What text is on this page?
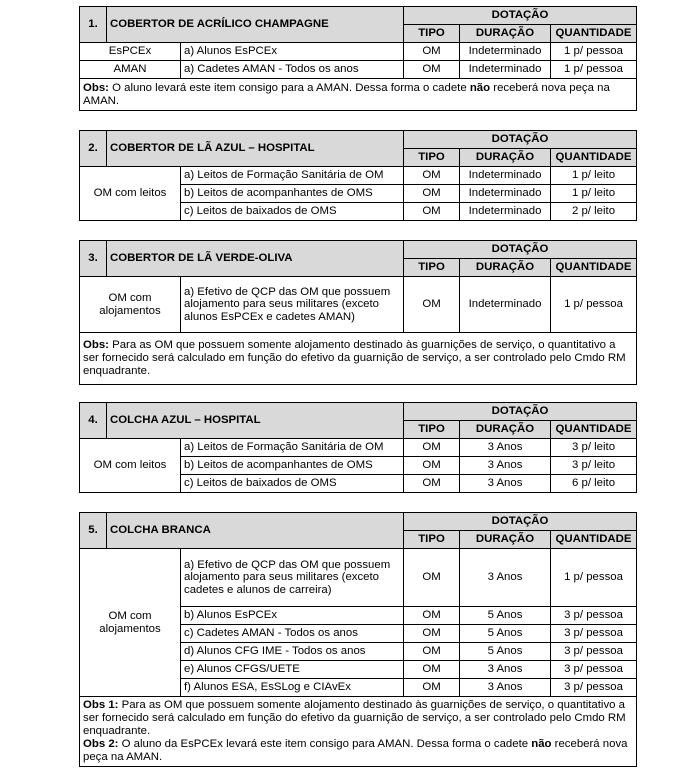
1.	COBERTOR DE ACRÍLICO CHAMPAGNE		DOTAÇÃO		
			TIPO	DURAÇÃO	QUANTIDADE
EsPCEx		a) Alunos EsPCEx	OM	Indeterminado	1 p/ pessoa
AMAN		a) Cadetes AMAN - Todos os anos	OM	Indeterminado	1 p/ pessoa
Obs: O aluno levará este item consigo para a AMAN. Dessa forma o cadete não receberá nova peça na AMAN.					
2.	COBERTOR DE LÃ AZUL – HOSPITAL		DOTAÇÃO		
			TIPO	DURAÇÃO	QUANTIDADE
OM com leitos		a) Leitos de Formação Sanitária de OM	OM	Indeterminado	1 p/ leito
		b) Leitos de acompanhantes de OMS	OM	Indeterminado	1 p/ leito
		c) Leitos de baixados de OMS	OM	Indeterminado	2 p/ leito
3.	COBERTOR DE LÃ VERDE-OLIVA		DOTAÇÃO		
			TIPO	DURAÇÃO	QUANTIDADE
OM com alojamentos		a) Efetivo de QCP das OM que possuem alojamento para seus militares (exceto alunos EsPCEx e cadetes AMAN)	OM	Indeterminado	1 p/ pessoa
Obs: Para as OM que possuem somente alojamento destinado às guarnições de serviço, o quantitativo a ser fornecido será calculado em função do efetivo da guarnição de serviço, a ser controlado pelo Cmdo RM enquadrante.					
4.	COLCHA AZUL – HOSPITAL		DOTAÇÃO		
			TIPO	DURAÇÃO	QUANTIDADE
OM com leitos		a) Leitos de Formação Sanitária de OM	OM	3 Anos	3 p/ leito
		b) Leitos de acompanhantes de OMS	OM	3 Anos	3 p/ leito
		c) Leitos de baixados de OMS	OM	3 Anos	6 p/ leito
5.	COLCHA BRANCA		DOTAÇÃO		
			TIPO	DURAÇÃO	QUANTIDADE
OM com alojamentos		a) Efetivo de QCP das OM que possuem alojamento para seus militares (exceto cadetes e alunos de carreira)	OM	3 Anos	1 p/ pessoa
		b) Alunos EsPCEx	OM	5 Anos	3 p/ pessoa
		c) Cadetes AMAN - Todos os anos	OM	5 Anos	3 p/ pessoa
		d) Alunos CFG IME - Todos os anos	OM	5 Anos	3 p/ pessoa
		e) Alunos CFGS/UETE	OM	3 Anos	3 p/ pessoa
		f) Alunos ESA, EsSLog e CIAvEx	OM	3 Anos	3 p/ pessoa
Obs 1: Para as OM que possuem somente alojamento destinado às guarnições de serviço, o quantitativo a ser fornecido será calculado em função do efetivo da guarnição de serviço, a ser controlado pelo Cmdo RM enquadrante.
Obs 2: O aluno da EsPCEx levará este item consigo para AMAN. Dessa forma o cadete não receberá nova peça na AMAN.					
